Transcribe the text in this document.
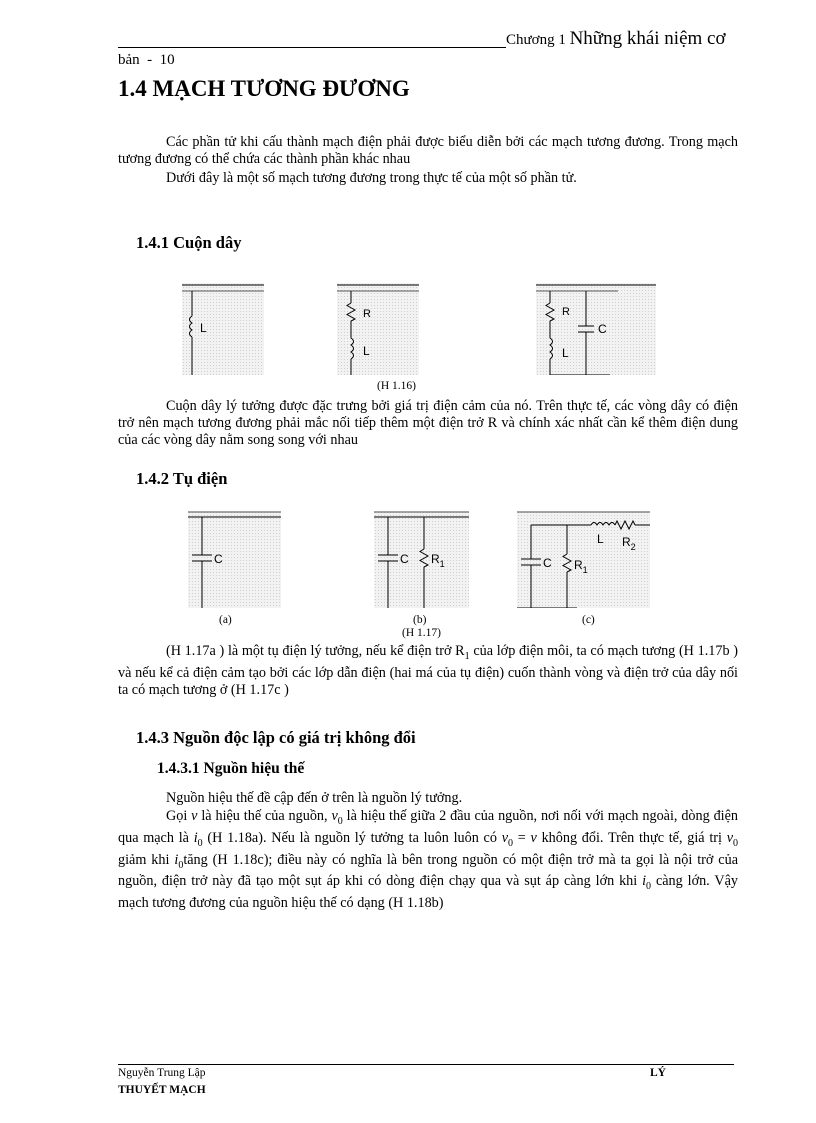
Chương 1 Những khái niệm cơ
bản  -  10
1.4 MẠCH TƯƠNG ĐƯƠNG

Các phần tử khi cấu thành mạch điện phải được biểu diễn bởi các mạch tương đương. Trong mạch tương đương có thể chứa các thành phần khác nhau

Dưới đây là một số mạch tương đương trong thực tế của một số phần tử.

1.4.1 Cuộn dây
L
R
L
R
C
L
(H 1.16)

Cuộn dây lý tưởng được đặc trưng bởi giá trị điện cảm của nó. Trên thực tế, các vòng dây có điện trở nên mạch tương đương phải mắc nối tiếp thêm một điện trở R và chính xác nhất cần kể thêm điện dung của các vòng dây nằm song song với nhau

1.4.2 Tụ điện
C	C $R_1$
L $R_2$
C $R_1$
(a)	(b)	(c)
(H 1.17)

(H 1.17a ) là một tụ điện lý tưởng, nếu kể điện trở $R_1$ của lớp điện môi, ta có mạch tương (H 1.17b ) và nếu kể cả điện cảm tạo bởi các lớp dẫn điện (hai má của tụ điện) cuốn thành vòng và điện trở của dây nối ta có mạch tương ở (H 1.17c )

1.4.3 Nguồn độc lập có giá trị không đổi
1.4.3.1 Nguồn hiệu thế

Nguồn hiệu thế đề cập đến ở trên là nguồn lý tưởng.

Gọi v là hiệu thế của nguồn, $v_0$ là hiệu thế giữa 2 đầu của nguồn, nơi nối với mạch ngoài, dòng điện qua mạch là $i_0$ (H 1.18a). Nếu là nguồn lý tưởng ta luôn luôn có $v_0 = v$ không đổi. Trên thực tế, giá trị $v_0$ giảm khi $i_0tăng$ (H 1.18c); điều này có nghĩa là bên trong nguồn có một điện trở mà ta gọi là nội trở của nguồn, điện trở này đã tạo một sụt áp khi có dòng điện chạy qua và sụt áp càng lớn khi $i_0$ càng lớn. Vậy mạch tương đương của nguồn hiệu thế có dạng (H 1.18b)

Nguyễn Trung Lập
THUYẾT MẠCH
LÝ
